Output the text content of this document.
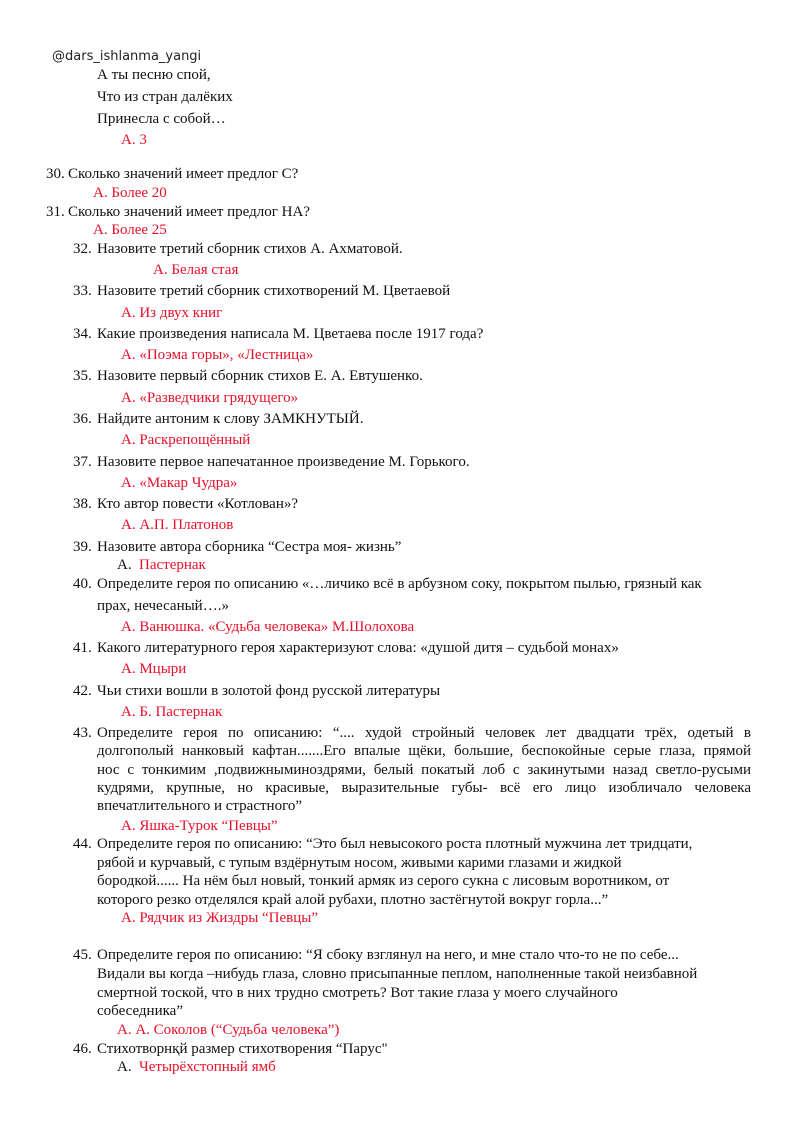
@dars_ishlanma_yangi
А ты песню спой,
Что из стран далёких
Принесла с собой…
A. 3
30. Сколько значений имеет предлог С?
A. Более 20
31. Сколько значений имеет предлог НА?
A. Более 25
32. Назовите третий сборник стихов А. Ахматовой.
A. Белая стая
33. Назовите третий сборник стихотворений М. Цветаевой
A. Из двух книг
34. Какие произведения написала М. Цветаева после 1917 года?
A. «Поэма горы», «Лестница»
35. Назовите первый сборник стихов Е. А. Евтушенко.
A. «Разведчики грядущего»
36. Найдите антоним к слову ЗАМКНУТЫЙ.
A. Раскрепощённый
37. Назовите первое напечатанное произведение М. Горького.
A. «Макар Чудра»
38. Кто автор повести «Котлован»?
A. А.П. Платонов
39. Назовите автора сборника “Сестра моя- жизнь”
A. Пастернак
40. Определите героя по описанию «…личико всё в арбузном соку, покрытом пылью, грязный как
прах, нечесаный….»
A. Ванюшка. «Судьба человека» М.Шолохова
41. Какого литературного героя характеризуют слова: «душой дитя – судьбой монах»
A. Мцыри
42. Чьи стихи вошли в золотой фонд русской литературы
A. Б. Пастернак
43. Определите героя по описанию: “.... худой стройный человек лет двадцати трёх, одетый в
долгополый нанковый кафтан.......Его впалые щёки, большие, беспокойные серые глаза, прямой
нос с тонкимим ,подвижныминоздрями, белый покатый лоб с закинутыми назад светло-русыми
кудрями, крупные, но красивые, выразительные губы- всё его лицо изобличало человека
впечатлительного и страстного”
A. Яшка-Турок “Певцы”
44. Определите героя по описанию: “Это был невысокого роста плотный мужчина лет тридцати,
рябой и курчавый, с тупым вздёрнутым носом, живыми карими глазами и жидкой
бородкой...... На нём был новый, тонкий армяк из серого сукна с лисовым воротником, от
которого резко отделялся край алой рубахи, плотно застёгнутой вокруг горла...”
A. Рядчик из Жиздры “Певцы”
45. Определите героя по описанию: “Я сбоку взглянул на него, и мне стало что-то не по себе...
Видали вы когда –нибудь глаза, словно присыпанные пеплом, наполненные такой неизбавной
смертной тоской, что в них трудно смотреть? Вот такие глаза у моего случайного
собеседника”
A. А. Соколов (“Судьба человека”)
46. Стихотворнқй размер стихотворения “Парус"
A. Четырёхстопный ямб
